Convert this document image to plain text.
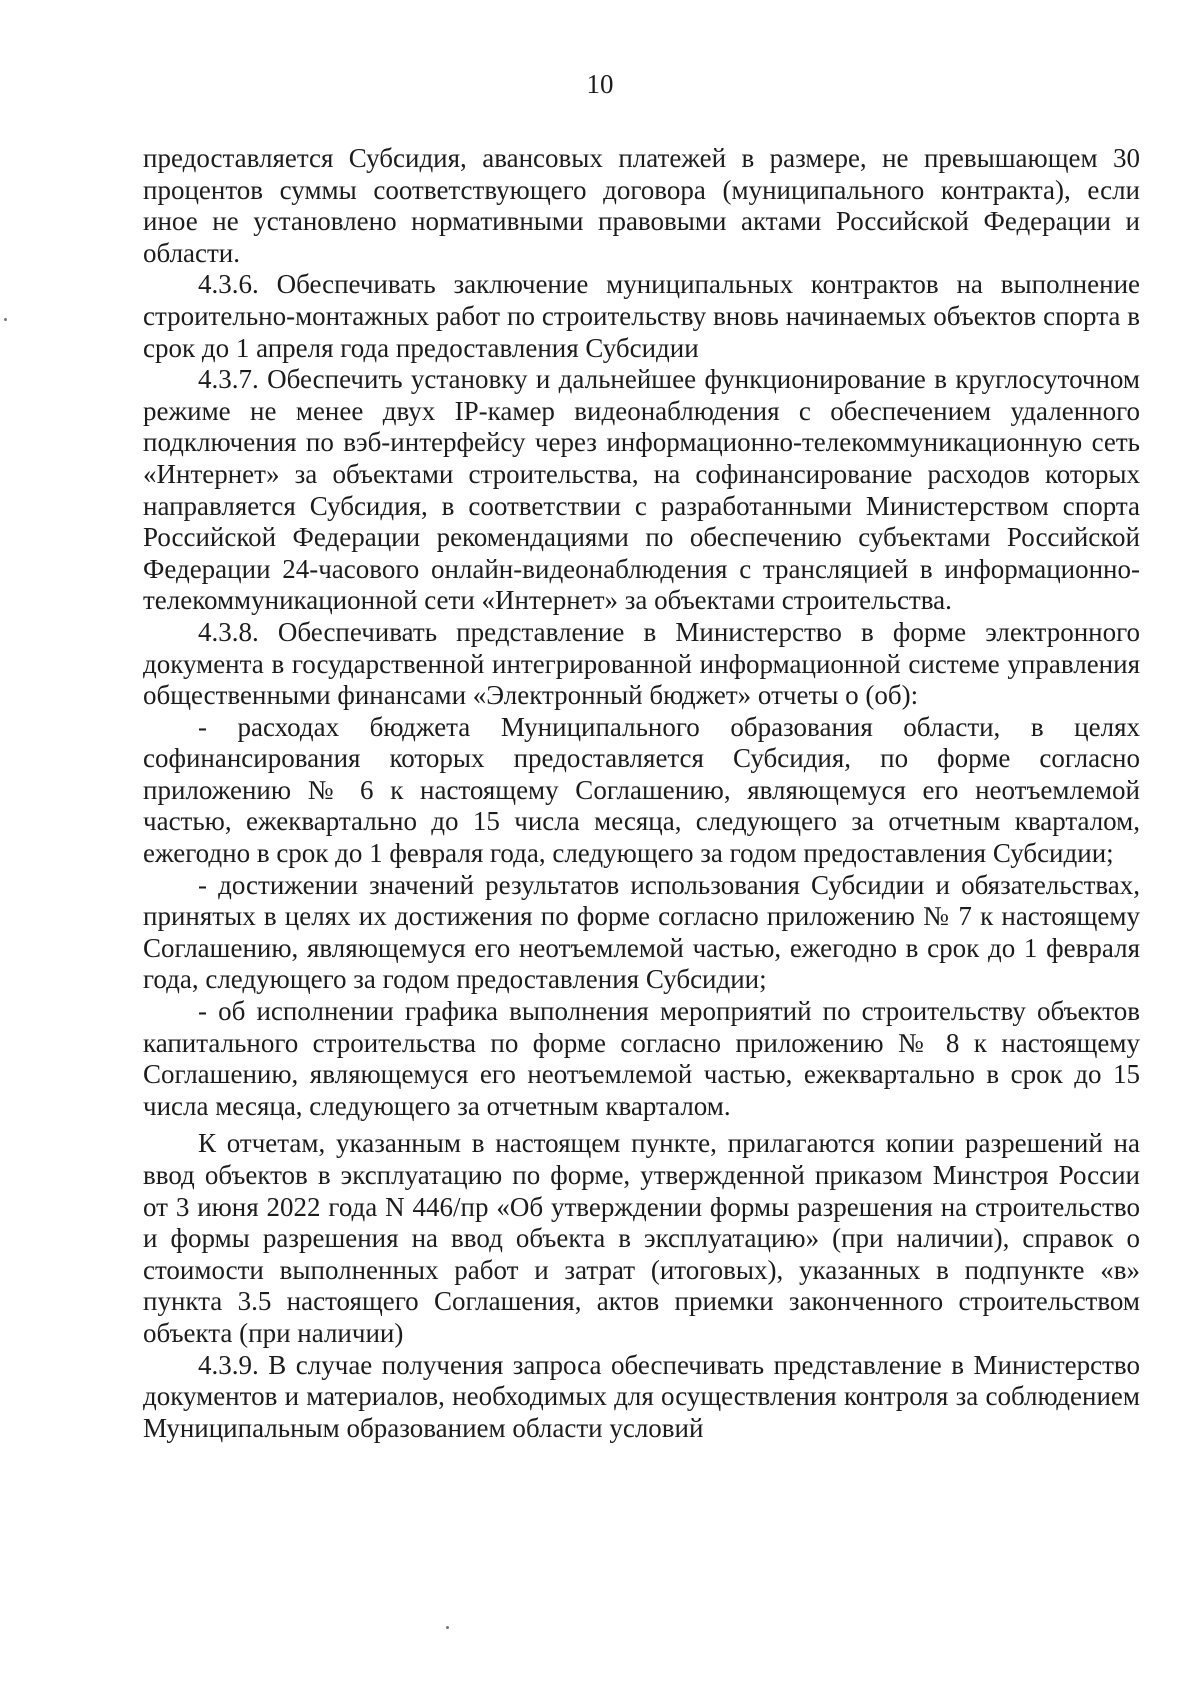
10

предоставляется Субсидия, авансовых платежей в размере, не превышающем 30 процентов суммы соответствующего договора (муниципального контракта), если иное не установлено нормативными правовыми актами Российской Федерации и области.

4.3.6. Обеспечивать заключение муниципальных контрактов на выполнение строительно-монтажных работ по строительству вновь начинаемых объектов спорта в срок до 1 апреля года предоставления Субсидии

4.3.7. Обеспечить установку и дальнейшее функционирование в круглосуточном режиме не менее двух IP-камер видеонаблюдения с обеспечением удаленного подключения по вэб-интерфейсу через информационно-телекоммуникационную сеть «Интернет» за объектами строительства, на софинансирование расходов которых направляется Субсидия, в соответствии с разработанными Министерством спорта Российской Федерации рекомендациями по обеспечению субъектами Российской Федерации 24-часового онлайн-видеонаблюдения с трансляцией в информационно-телекоммуникационной сети «Интернет» за объектами строительства.

4.3.8. Обеспечивать представление в Министерство в форме электронного документа в государственной интегрированной информационной системе управления общественными финансами «Электронный бюджет» отчеты о (об):

- расходах бюджета Муниципального образования области, в целях софинансирования которых предоставляется Субсидия, по форме согласно приложению № 6 к настоящему Соглашению, являющемуся его неотъемлемой частью, ежеквартально до 15 числа месяца, следующего за отчетным кварталом, ежегодно в срок до 1 февраля года, следующего за годом предоставления Субсидии;

- достижении значений результатов использования Субсидии и обязательствах, принятых в целях их достижения по форме согласно приложению № 7 к настоящему Соглашению, являющемуся его неотъемлемой частью, ежегодно в срок до 1 февраля года, следующего за годом предоставления Субсидии;

- об исполнении графика выполнения мероприятий по строительству объектов капитального строительства по форме согласно приложению № 8 к настоящему Соглашению, являющемуся его неотъемлемой частью, ежеквартально в срок до 15 числа месяца, следующего за отчетным кварталом.

К отчетам, указанным в настоящем пункте, прилагаются копии разрешений на ввод объектов в эксплуатацию по форме, утвержденной приказом Минстроя России от 3 июня 2022 года N 446/пр «Об утверждении формы разрешения на строительство и формы разрешения на ввод объекта в эксплуатацию» (при наличии), справок о стоимости выполненных работ и затрат (итоговых), указанных в подпункте «в» пункта 3.5 настоящего Соглашения, актов приемки законченного строительством объекта (при наличии)

4.3.9. В случае получения запроса обеспечивать представление в Министерство документов и материалов, необходимых для осуществления контроля за соблюдением Муниципальным образованием области условий
